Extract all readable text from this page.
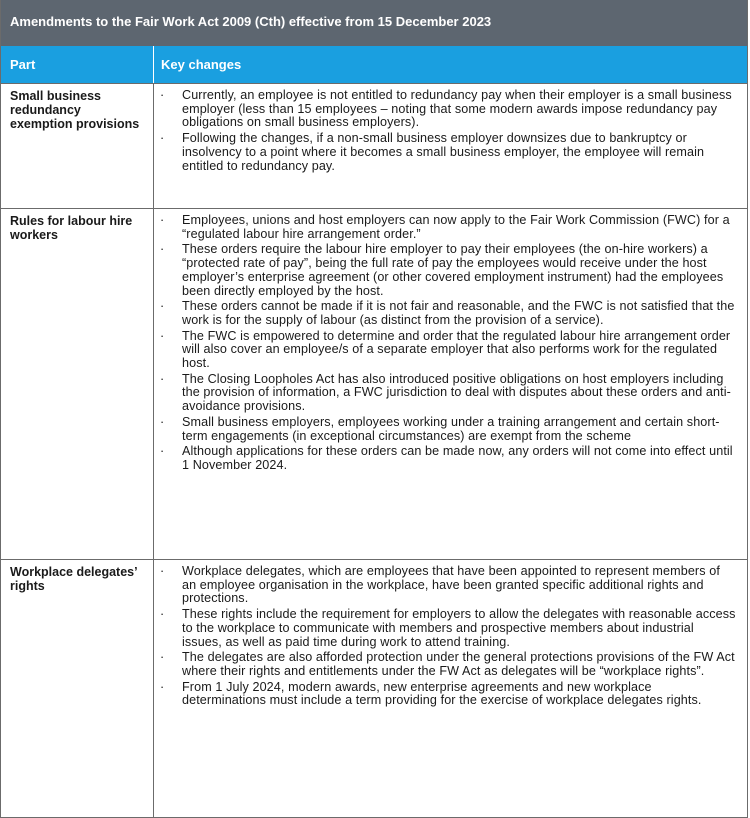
Amendments to the Fair Work Act 2009 (Cth) effective from 15 December 2023
Part	Key changes
Small business redundancy exemption provisions
· Currently, an employee is not entitled to redundancy pay when their employer is a small business employer (less than 15 employees – noting that some modern awards impose redundancy pay obligations on small business employers).
· Following the changes, if a non-small business employer downsizes due to bankruptcy or insolvency to a point where it becomes a small business employer, the employee will remain entitled to redundancy pay.
Rules for labour hire workers
· Employees, unions and host employers can now apply to the Fair Work Commission (FWC) for a “regulated labour hire arrangement order.”
· These orders require the labour hire employer to pay their employees (the on-hire workers) a “protected rate of pay”, being the full rate of pay the employees would receive under the host employer’s enterprise agreement (or other covered employment instrument) had the employees been directly employed by the host.
· These orders cannot be made if it is not fair and reasonable, and the FWC is not satisfied that the work is for the supply of labour (as distinct from the provision of a service).
· The FWC is empowered to determine and order that the regulated labour hire arrangement order will also cover an employee/s of a separate employer that also performs work for the regulated host.
· The Closing Loopholes Act has also introduced positive obligations on host employers including the provision of information, a FWC jurisdiction to deal with disputes about these orders and anti-avoidance provisions.
· Small business employers, employees working under a training arrangement and certain short-term engagements (in exceptional circumstances) are exempt from the scheme
· Although applications for these orders can be made now, any orders will not come into effect until 1 November 2024.
Workplace delegates’ rights
· Workplace delegates, which are employees that have been appointed to represent members of an employee organisation in the workplace, have been granted specific additional rights and protections.
· These rights include the requirement for employers to allow the delegates with reasonable access to the workplace to communicate with members and prospective members about industrial issues, as well as paid time during work to attend training.
· The delegates are also afforded protection under the general protections provisions of the FW Act where their rights and entitlements under the FW Act as delegates will be “workplace rights”.
· From 1 July 2024, modern awards, new enterprise agreements and new workplace determinations must include a term providing for the exercise of workplace delegates rights.
